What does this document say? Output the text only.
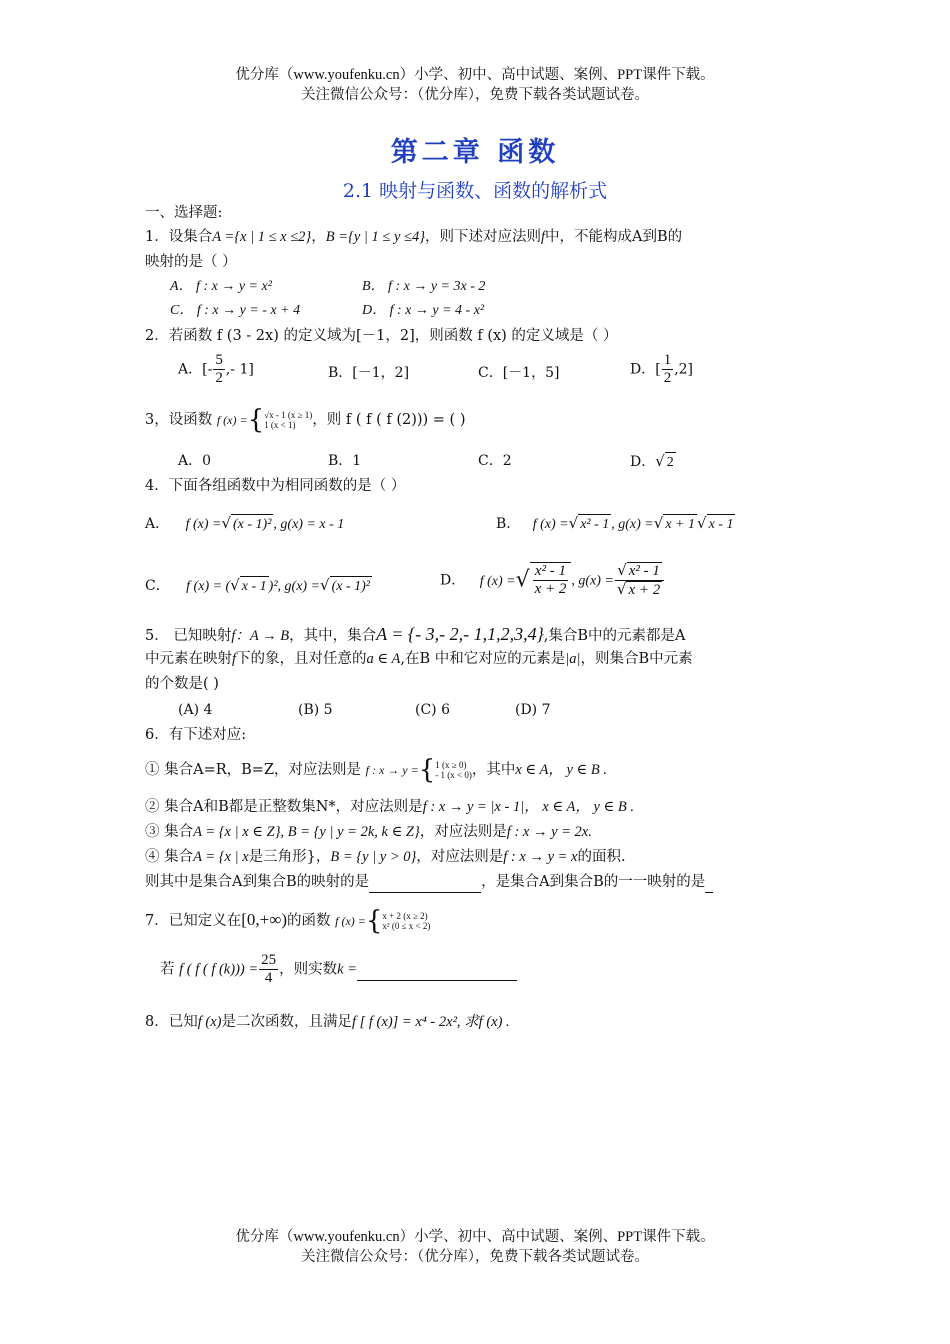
优分库（www.youfenku.cn）小学、初中、高中试题、案例、PPT课件下载。
关注微信公众号：（优分库），免费下载各类试题试卷。
第二章 函数
2.1 映射与函数、函数的解析式
一、选择题:
1．设集合A ={x | 1 ≤ x ≤2}，B ={y | 1 ≤ y ≤4}，则下述对应法则f中，不能构成A到B的
映射的是（ ）
A． f : x → y = x²	B． f : x → y = 3x - 2
C． f : x → y = - x + 4	D． f : x → y = 4 - x²
2．若函数 f (3 - 2x) 的定义域为[－1，2]，则函数 f (x) 的定义域是（ ）
A．[- $\frac{5}{2}$ ,- 1]	B．[－1，2]	C．[－1，5]	D．[ $\frac{1}{2} ,2$]
3，设函数 f (x) ={ √x - 1 (x ≥ 1)
1 (x < 1)	，则 f ( f ( f (2))) = ( )
A．0	B．1	C．2	D．√ 2
4．下面各组函数中为相同函数的是（ ）
A． f (x) =√ (x - 1)² , g(x) = x - 1	B． f (x) =√ x² - 1 , g(x) =√ x + 1 √ x - 1
C． f (x) = (√ x - 1 )², g(x) =√ (x - 1)²	D． f (x) =√ $\frac{\text{x² - 1}}{x + 2}$ , $g(x) = \frac{\text{√ x² - 1}}{√ x + 2}$
5． 已知映射f：A → B，其中，集合A = {- 3,- 2,- 1,1,2,3,4},集合B中的元素都是A
中元素在映射f下的象，且对任意的a ∈ A,在B 中和它对应的元素是|a|，则集合B中元素
的个数是( )
(A) 4	(B) 5	(C) 6	(D) 7
6．有下述对应:
① 集合A=R，B=Z，对应法则是 f : x → y ={ 1 (x ≥ 0)
- 1 (x < 0) ，其中x ∈ A， y ∈ B .
② 集合A和B都是正整数集N*，对应法则是f : x → y = |x - 1|， x ∈ A， y ∈ B .
③ 集合A = {x | x ∈ Z}, B = {y | y = 2k, k ∈ Z}，对应法则是f : x → y = 2x.
④ 集合A = {x | x是三角形}，B = {y | y > 0}，对应法则是f : x → y = x的面积.
则其中是集合A到集合B的映射的是	，是集合A到集合B的一一映射的是
7．已知定义在[0,+∞)的函数 f (x) ={ x + 2 (x ≥ 2)
x² (0 ≤ x < 2)
若 f ( f ( f $(k))) = \frac{25}{4}$ ，则实数k =
8．已知f (x)是二次函数，且满足f [ f (x)] = x⁴ - 2x², 求f (x) .
优分库（www.youfenku.cn）小学、初中、高中试题、案例、PPT课件下载。
关注微信公众号：（优分库），免费下载各类试题试卷。
